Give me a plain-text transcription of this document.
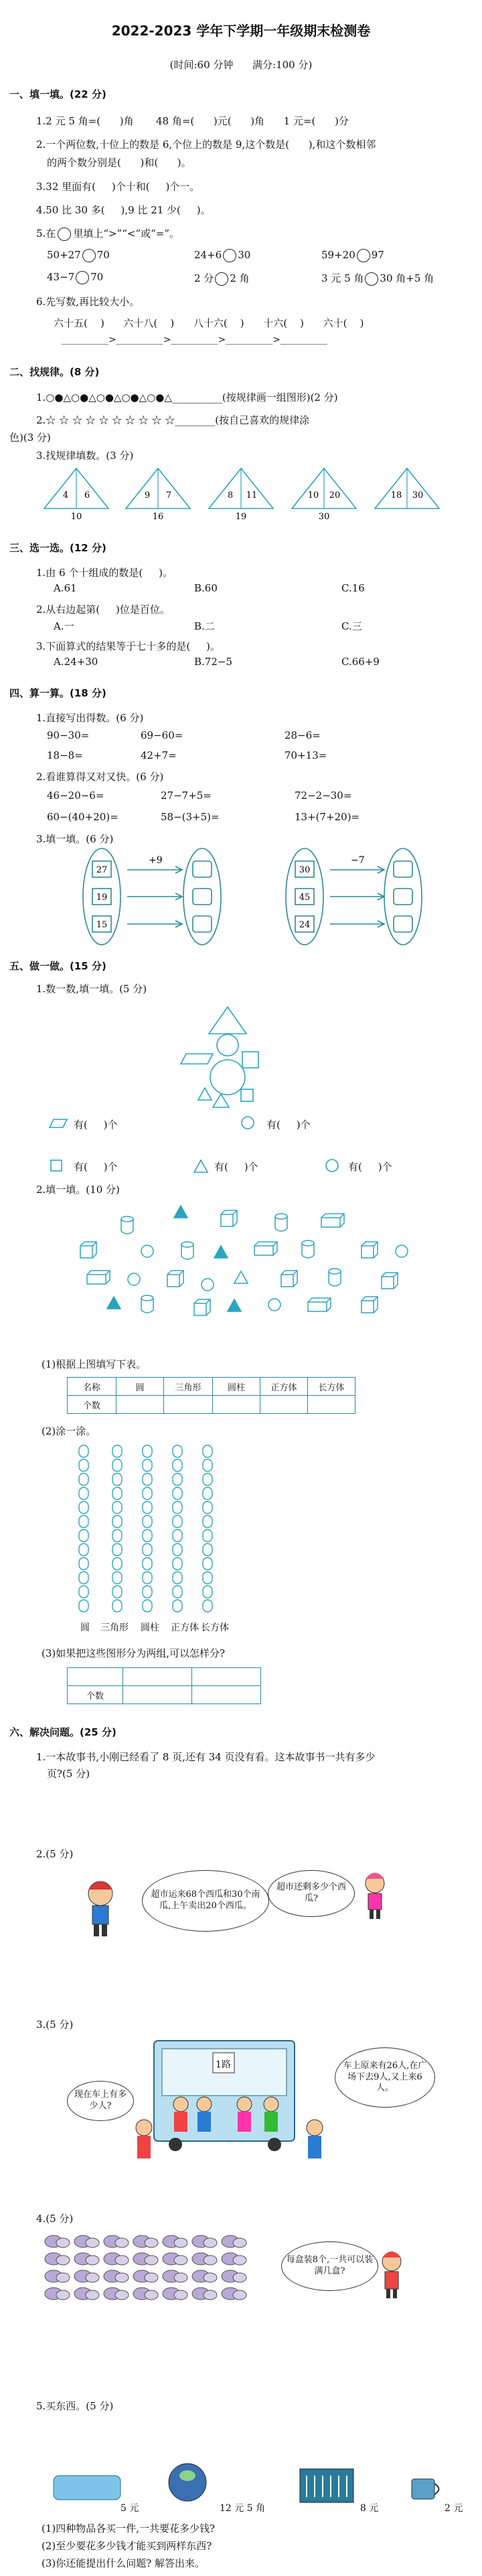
2022-2023 学年下学期一年级期末检测卷
(时间:60 分钟 满分:100 分)
一、填一填。(22 分)
1.2 元 5 角=( )角 48 角=( )元( )角 1 元=( )分
2.一个两位数,十位上的数是 6,个位上的数是 9,这个数是( ),和这个数相邻
的两个数分别是( )和( )。
3.32 里面有( )个十和( )个一。
4.50 比 30 多( ),9 比 21 少( )。
5.在 里填上“>”“<”或“=”。
50+27 70	24+6 30	59+20 97
43−7 70	2 分 2 角	3 元 5 角 30 角+5 角
6.先写数,再比较大小。
六十五( ) 六十八( ) 八十六( ) 十六( ) 六十( )
__________>__________>__________>__________>__________
二、找规律。(8 分)
1.○●△○●△○●△○●△○●△__________(按规律画一组图形)(2 分)
2.☆ ☆ ☆ ☆ ☆ ☆ ☆ ☆ ☆ ☆________(按自己喜欢的规律涂
色)(3 分)
3.找规律填数。(3 分)
4 6
10
9 7
16
8 11
19
10 20
30
18 30
三、选一选。(12 分)
1.由 6 个十组成的数是( )。
A.61	B.60	C.16
2.从右边起第( )位是百位。
A.一	B.二	C.三
3.下面算式的结果等于七十多的是( )。
A.24+30	B.72−5	C.66+9
四、算一算。(18 分)
1.直接写出得数。(6 分)
90−30=	69−60=	28−6=
18−8=	42+7=	70+13=
2.看谁算得又对又快。(6 分)
46−20−6=	27−7+5=	72−2−30=
60−(40+20)=	58−(3+5)=	13+(7+20)=
3.填一填。(6 分)
+9	−7
27
19
15
30
45
24
五、做一做。(15 分)
1.数一数,填一填。(5 分)
有( )个	有( )个
有( )个	有( )个	有( )个
2.填一填。(10 分)
(1)根据上图填写下表。
名称	圆	三角形	圆柱	正方体	长方体
个数					
(2)涂一涂。
圆 三角形 圆柱 正方体 长方体
(3)如果把这些图形分为两组,可以怎样分?

个数		
六、解决问题。(25 分)
1.一本故事书,小刚已经看了 8 页,还有 34 页没有看。这本故事书一共有多少
页?(5 分)
2.(5 分)
超市运来68个西瓜和30个南瓜,上午卖出20个西瓜。
超市还剩多少个西瓜?
3.(5 分)
1路
现在车上有多少人?
车上原来有26人,在广场下去9人,又上来6人。
4.(5 分)
每盒装8个,一共可以装满几盒?
5.买东西。(5 分)
5 元	12 元 5 角	8 元	2 元
(1)四种物品各买一件,一共要花多少钱?
(2)至少要花多少钱才能买到两样东西?
(3)你还能提出什么问题? 解答出来。
